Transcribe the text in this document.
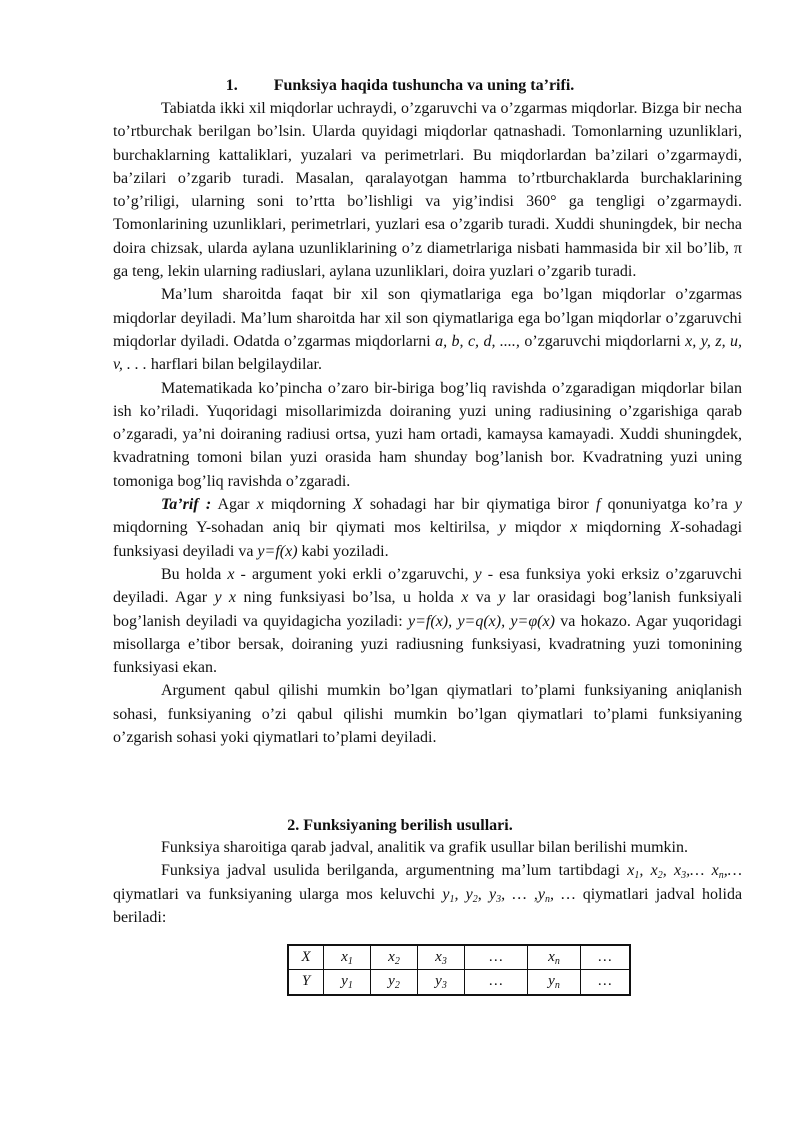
1. Funksiya haqida tushuncha va uning ta’rifi.

Tabiatda ikki xil miqdorlar uchraydi, o’zgaruvchi va o’zgarmas miqdorlar. Bizga bir necha to’rtburchak berilgan bo’lsin. Ularda quyidagi miqdorlar qatnashadi. Tomonlarning uzunliklari, burchaklarning kattaliklari, yuzalari va perimetrlari. Bu miqdorlardan ba’zilari o’zgarmaydi, ba’zilari o’zgarib turadi. Masalan, qaralayotgan hamma to’rtburchaklarda burchaklarining to’g’riligi, ularning soni to’rtta bo’lishligi va yig’indisi 360° ga tengligi o’zgarmaydi. Tomonlarining uzunliklari, perimetrlari, yuzlari esa o’zgarib turadi. Xuddi shuningdek, bir necha doira chizsak, ularda aylana uzunliklarining o’z diametrlariga nisbati hammasida bir xil bo’lib, π ga teng, lekin ularning radiuslari, aylana uzunliklari, doira yuzlari o’zgarib turadi.

Ma’lum sharoitda faqat bir xil son qiymatlariga ega bo’lgan miqdorlar o’zgarmas miqdorlar deyiladi. Ma’lum sharoitda har xil son qiymatlariga ega bo’lgan miqdorlar o’zgaruvchi miqdorlar dyiladi. Odatda o’zgarmas miqdorlarni a, b, c, d, ...., o’zgaruvchi miqdorlarni x, y, z, u, v, . . . harflari bilan belgilaydilar.

Matematikada ko’pincha o’zaro bir-biriga bog’liq ravishda o’zgaradigan miqdorlar bilan ish ko’riladi. Yuqoridagi misollarimizda doiraning yuzi uning radiusining o’zgarishiga qarab o’zgaradi, ya’ni doiraning radiusi ortsa, yuzi ham ortadi, kamaysa kamayadi. Xuddi shuningdek, kvadratning tomoni bilan yuzi orasida ham shunday bog’lanish bor. Kvadratning yuzi uning tomoniga bog’liq ravishda o’zgaradi.

Ta’rif : Agar x miqdorning X sohadagi har bir qiymatiga biror f qonuniyatga ko’ra y miqdorning Y-sohadan aniq bir qiymati mos keltirilsa, y miqdor x miqdorning X-sohadagi funksiyasi deyiladi va y=f(x) kabi yoziladi.

Bu holda x - argument yoki erkli o’zgaruvchi, y - esa funksiya yoki erksiz o’zgaruvchi deyiladi. Agar y x ning funksiyasi bo’lsa, u holda x va y lar orasidagi bog’lanish funksiyali bog’lanish deyiladi va quyidagicha yoziladi: y=f(x), y=q(x), y=φ(x) va hokazo. Agar yuqoridagi misollarga e’tibor bersak, doiraning yuzi radiusning funksiyasi, kvadratning yuzi tomonining funksiyasi ekan.

Argument qabul qilishi mumkin bo’lgan qiymatlari to’plami funksiyaning aniqlanish sohasi, funksiyaning o’zi qabul qilishi mumkin bo’lgan qiymatlari to’plami funksiyaning o’zgarish sohasi yoki qiymatlari to’plami deyiladi.

2. Funksiyaning berilish usullari.

Funksiya sharoitiga qarab jadval, analitik va grafik usullar bilan berilishi mumkin.

Funksiya jadval usulida berilganda, argumentning ma’lum tartibdagi $x_1$, $x_2$, $x_3,\dots$ $x_n,\dots$ qiymatlari va funksiyaning ularga mos keluvchi $y_1$, $y_2$, $y_3$, … $,y_n$, … qiymatlari jadval holida beriladi:

X	$x_1$	$x_2$	$x_3$	…	$x_n$	…
Y	$y_1$	$y_2$	$y_3$	…	$y_n$	…
